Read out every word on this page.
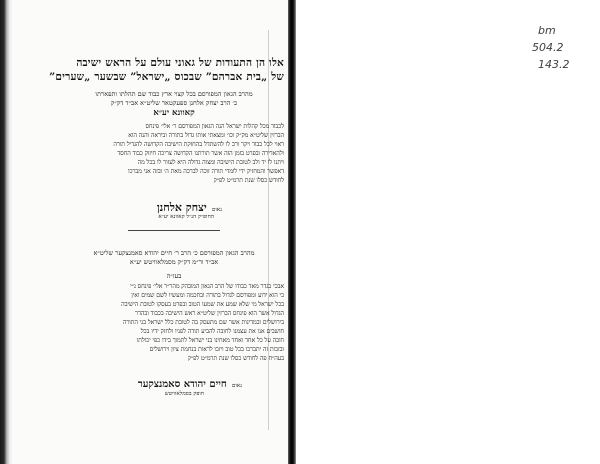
אלו הן התעודות של גאוני עולם על הראש ישיבה
של „בית אברהם” שבכוס „ישראל” שבשער „שערים”
מהרב הגאון המפורסם בכל קצוי ארץ כבוד שם תהלתו ותפארתו
כ׳ הרב יצחק אלחנן ספעקטאר שליט״א אב״ד דק״ק
קאוונא יע״א
לכבוד מכל קהלות ישראל הנה הגאון המפורסם ר׳ אלי׳ פינחס
הברזין שליט״א מק״ק וכו׳ ומצאתי אותו גדול בתורה וביראה והנה הוא
ראוי לכל כבוד ויקר ורב לו להשתדל בהחזקת הישיבה הקדושה להגדיל תורה
ולהאדירה ובפרט בזמן הזה אשר תורתנו הקדושה צריכה חיזוק כבוד החסד
ויתנו לו יד ולב לטובת הישיבה ומצוה גדולה היא לעזור לו בכל מה
דאפשר והמחזיק ידי לומדי תורה זוכה לברכה מאת ה׳ ובזה אני מברכו
לחודש כסלו שנת תרמ״ט לפ״ק
נאום יצחק אלחנן
החופ״ק הנ״ל קאוונא יע״א
מהרב הגאון המפורסם כ׳ הרב ר׳ חיים יהודא סאמנצקער שליט״א
אב״ד ור״מ דק״ק מסמלאוויטש יע״א
בעז״ה
אבכי בגדר מאד כבודו של הרב הגאון המובהק מהר״ר אלי׳ פינחס נ״י
כי הוא ידוע ומפורסם לגדול בתורה ובחכמה ומעשיו לשם שמים ואין
בכל ישראל מי שלא שמע את שמעו הטוב ובפרט בעסקו לטובת הישיבה
הגדול אשר הוא פינחס הברזין שליט״א ראש הישיבה בכבוד ובהדר
בירושלים ובמדינות אשר שם מתעסק בה לטובת כלל ישראל בני התורה
חושבים אנו את עצמנו לחובה להביע תודה לפניו ולחזק ידיו בכל
חובה על כל אחד ואחד מאחינו בני ישראל לתמוך בידו כפי יכולתו
ובזכות זה יתברכו בכל טוב ויזכו לראות בנחמת ציון וירושלים
בעה״ח פה לחודש כסלו שנת תרמ״ט לפ״ק
נאום חיים יהודא סאמנצקער
חופק בסמלאוויטש
bm
504.2
143.2
